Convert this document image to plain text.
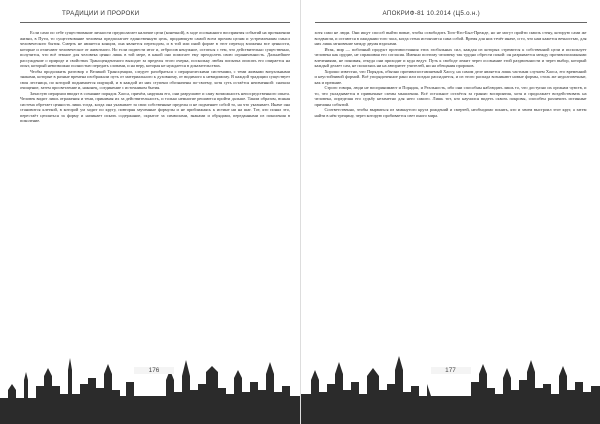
ТРАДИЦИИ И ПРОРОКИ

Если само по себе существование личности предполагает наличие цели (конечной), в ходе осознанного восприятия событий на протяжении жизни, в Пути, то существование человека предполагает единственную цель, придающую самой всем прочим целям и устремлениям смысл человеческого бытия. Смерть не является концом, она является переходом, и в той или иной форме в этот переход вложены все ценности, которые и отличают человеческое от животного. Но если подвести итог и, отбросив ненужное, остаться с тем, что действительно существенно, получится, что всё земное для человека ценно лишь в той мере, в какой оно помогает ему преодолеть свою ограниченность. Дальнейшее рассуждение о природе и свойствах Трансцендентного выходит за пределы этого очерка, поскольку любая попытка описать его опирается на опыт, который невозможно полностью передать словами, и на веру, которая не нуждается в доказательствах.

Чтобы продолжить разговор о Великой Трансценции, следует разобраться с иерархическими системами, с теми живыми визуальными знаками, которые в разные времена изображали путь от материального к духовному, от видимого к невидимому. В каждой традиции существует своя лестница, по которой поднимается ищущий, и в каждой из них ступени обозначены по-своему, хотя суть остаётся неизменной: сначала очищение, затем просветление и, наконец, соединение с источником бытия.

Зачастую иерархии вводят в сознание порядок Хаоса, причём, нарушая его, они разрушают и саму возможность непосредственного опыта. Человек видит лишь отражения и тени, принимая их за действительность, и только немногие решаются пройти дальше. Таким образом, всякая система обретает ценность лишь тогда, когда она указывает за свои собственные пределы и не подменяет собой то, на что указывает. Иначе она становится клеткой, в которой ум ходит по кругу, повторяя заученные формулы и не приближаясь к истине ни на шаг. Тот, кто понял это, перестаёт цепляться за форму и начинает искать содержание, скрытое за символами, знаками и обрядами, переданными из поколения в поколение.

176
АПОКРИФ-81 10.2014 (Ц5.о.н.)

хотя само не люди. Они ищут способ выйти вовне, чтобы освободить Того-Кто-Был-Прежде, но не могут пройти сквозь стену, которую сами же воздвигли, и остаются в ожидании того часа, когда стена истончится сама собой. Время для них течёт иначе, и то, что нам кажется вечностью, для них лишь мгновение между двумя вздохами.

Итак, мир — побочный продукт противостояния этих глобальных сил, каждая из которых стремится к собственной цели и использует человека как орудие, не спрашивая его согласия. Именно поэтому человеку так трудно обрести покой: он разрывается между противоположными влечениями, не понимая, откуда они приходят и куда ведут. Путь к свободе лежит через осознание этой раздвоенности и через выбор, который каждый делает сам, не полагаясь ни на авторитет учителей, ни на обещания пророков.

Хорошо известно, что Порядок, обычно противопоставляемый Хаосу, на самом деле является лишь частным случаем Хаоса, его временной и неустойчивой формой. Всё упорядоченное рано или поздно распадается, и из этого распада возникают новые формы, столь же недолговечные, как и прежние.

Строго говоря, люди не воспринимают и Порядок, и Реальность, ибо они способны наблюдать лишь то, что доступно их органам чувств, и то, что укладывается в привычные схемы мышления. Всё остальное остаётся за гранью восприятия, хотя и продолжает воздействовать на человека, определяя его судьбу незаметно для него самого. Лишь тот, кто научился видеть сквозь покровы, способен различить истинные причины событий.

Соответственно, чтобы вырваться из замкнутого круга рождений и смертей, необходимо понять, кто и зачем выстроил этот круг, а затем найти в нём трещину, через которую пробивается свет иного мира.

177
